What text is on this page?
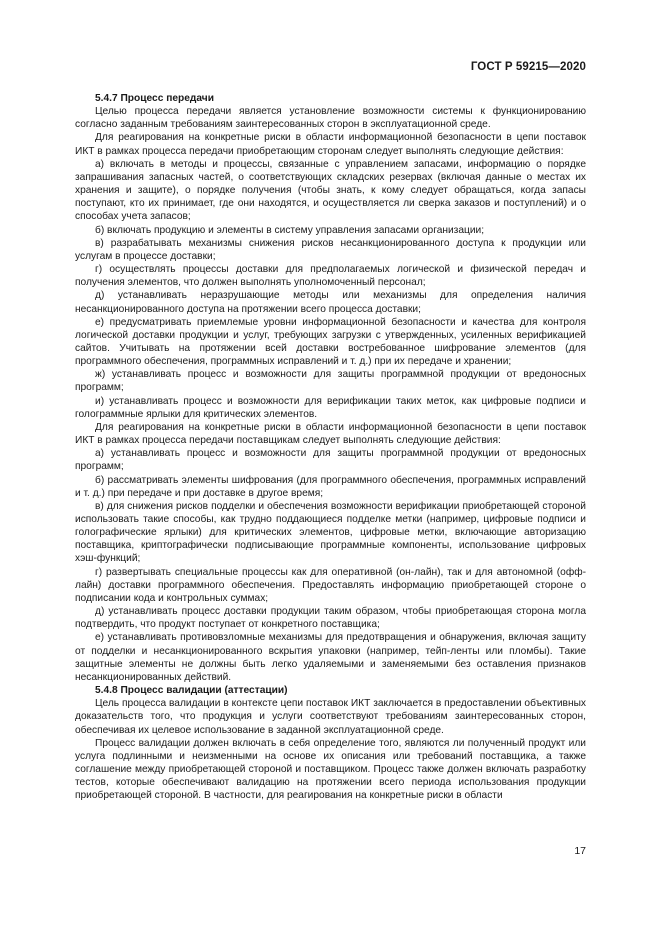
ГОСТ Р 59215—2020

5.4.7 Процесс передачи

Целью процесса передачи является установление возможности системы к функционированию согласно заданным требованиям заинтересованных сторон в эксплуатационной среде.

Для реагирования на конкретные риски в области информационной безопасности в цепи поставок ИКТ в рамках процесса передачи приобретающим сторонам следует выполнять следующие действия:

а) включать в методы и процессы, связанные с управлением запасами, информацию о порядке запрашивания запасных частей, о соответствующих складских резервах (включая данные о местах их хранения и защите), о порядке получения (чтобы знать, к кому следует обращаться, когда запасы поступают, кто их принимает, где они находятся, и осуществляется ли сверка заказов и поступлений) и о способах учета запасов;

б) включать продукцию и элементы в систему управления запасами организации;

в) разрабатывать механизмы снижения рисков несанкционированного доступа к продукции или услугам в процессе доставки;

г) осуществлять процессы доставки для предполагаемых логической и физической передач и получения элементов, что должен выполнять уполномоченный персонал;

д) устанавливать неразрушающие методы или механизмы для определения наличия несанкционированного доступа на протяжении всего процесса доставки;

е) предусматривать приемлемые уровни информационной безопасности и качества для контроля логической доставки продукции и услуг, требующих загрузки с утвержденных, усиленных верификацией сайтов. Учитывать на протяжении всей доставки востребованное шифрование элементов (для программного обеспечения, программных исправлений и т. д.) при их передаче и хранении;

ж) устанавливать процесс и возможности для защиты программной продукции от вредоносных программ;

и) устанавливать процесс и возможности для верификации таких меток, как цифровые подписи и голограммные ярлыки для критических элементов.

Для реагирования на конкретные риски в области информационной безопасности в цепи поставок ИКТ в рамках процесса передачи поставщикам следует выполнять следующие действия:

а) устанавливать процесс и возможности для защиты программной продукции от вредоносных программ;

б) рассматривать элементы шифрования (для программного обеспечения, программных исправлений и т. д.) при передаче и при доставке в другое время;

в) для снижения рисков подделки и обеспечения возможности верификации приобретающей стороной использовать такие способы, как трудно поддающиеся подделке метки (например, цифровые подписи и голографические ярлыки) для критических элементов, цифровые метки, включающие авторизацию поставщика, криптографически подписывающие программные компоненты, использование цифровых хэш-функций;

г) развертывать специальные процессы как для оперативной (он-лайн), так и для автономной (офф-лайн) доставки программного обеспечения. Предоставлять информацию приобретающей стороне о подписании кода и контрольных суммах;

д) устанавливать процесс доставки продукции таким образом, чтобы приобретающая сторона могла подтвердить, что продукт поступает от конкретного поставщика;

е) устанавливать противовзломные механизмы для предотвращения и обнаружения, включая защиту от подделки и несанкционированного вскрытия упаковки (например, тейп-ленты или пломбы). Такие защитные элементы не должны быть легко удаляемыми и заменяемыми без оставления признаков несанкционированных действий.

5.4.8 Процесс валидации (аттестации)

Цель процесса валидации в контексте цепи поставок ИКТ заключается в предоставлении объективных доказательств того, что продукция и услуги соответствуют требованиям заинтересованных сторон, обеспечивая их целевое использование в заданной эксплуатационной среде.

Процесс валидации должен включать в себя определение того, являются ли полученный продукт или услуга подлинными и неизменными на основе их описания или требований поставщика, а также соглашение между приобретающей стороной и поставщиком. Процесс также должен включать разработку тестов, которые обеспечивают валидацию на протяжении всего периода использования продукции приобретающей стороной. В частности, для реагирования на конкретные риски в области

17
